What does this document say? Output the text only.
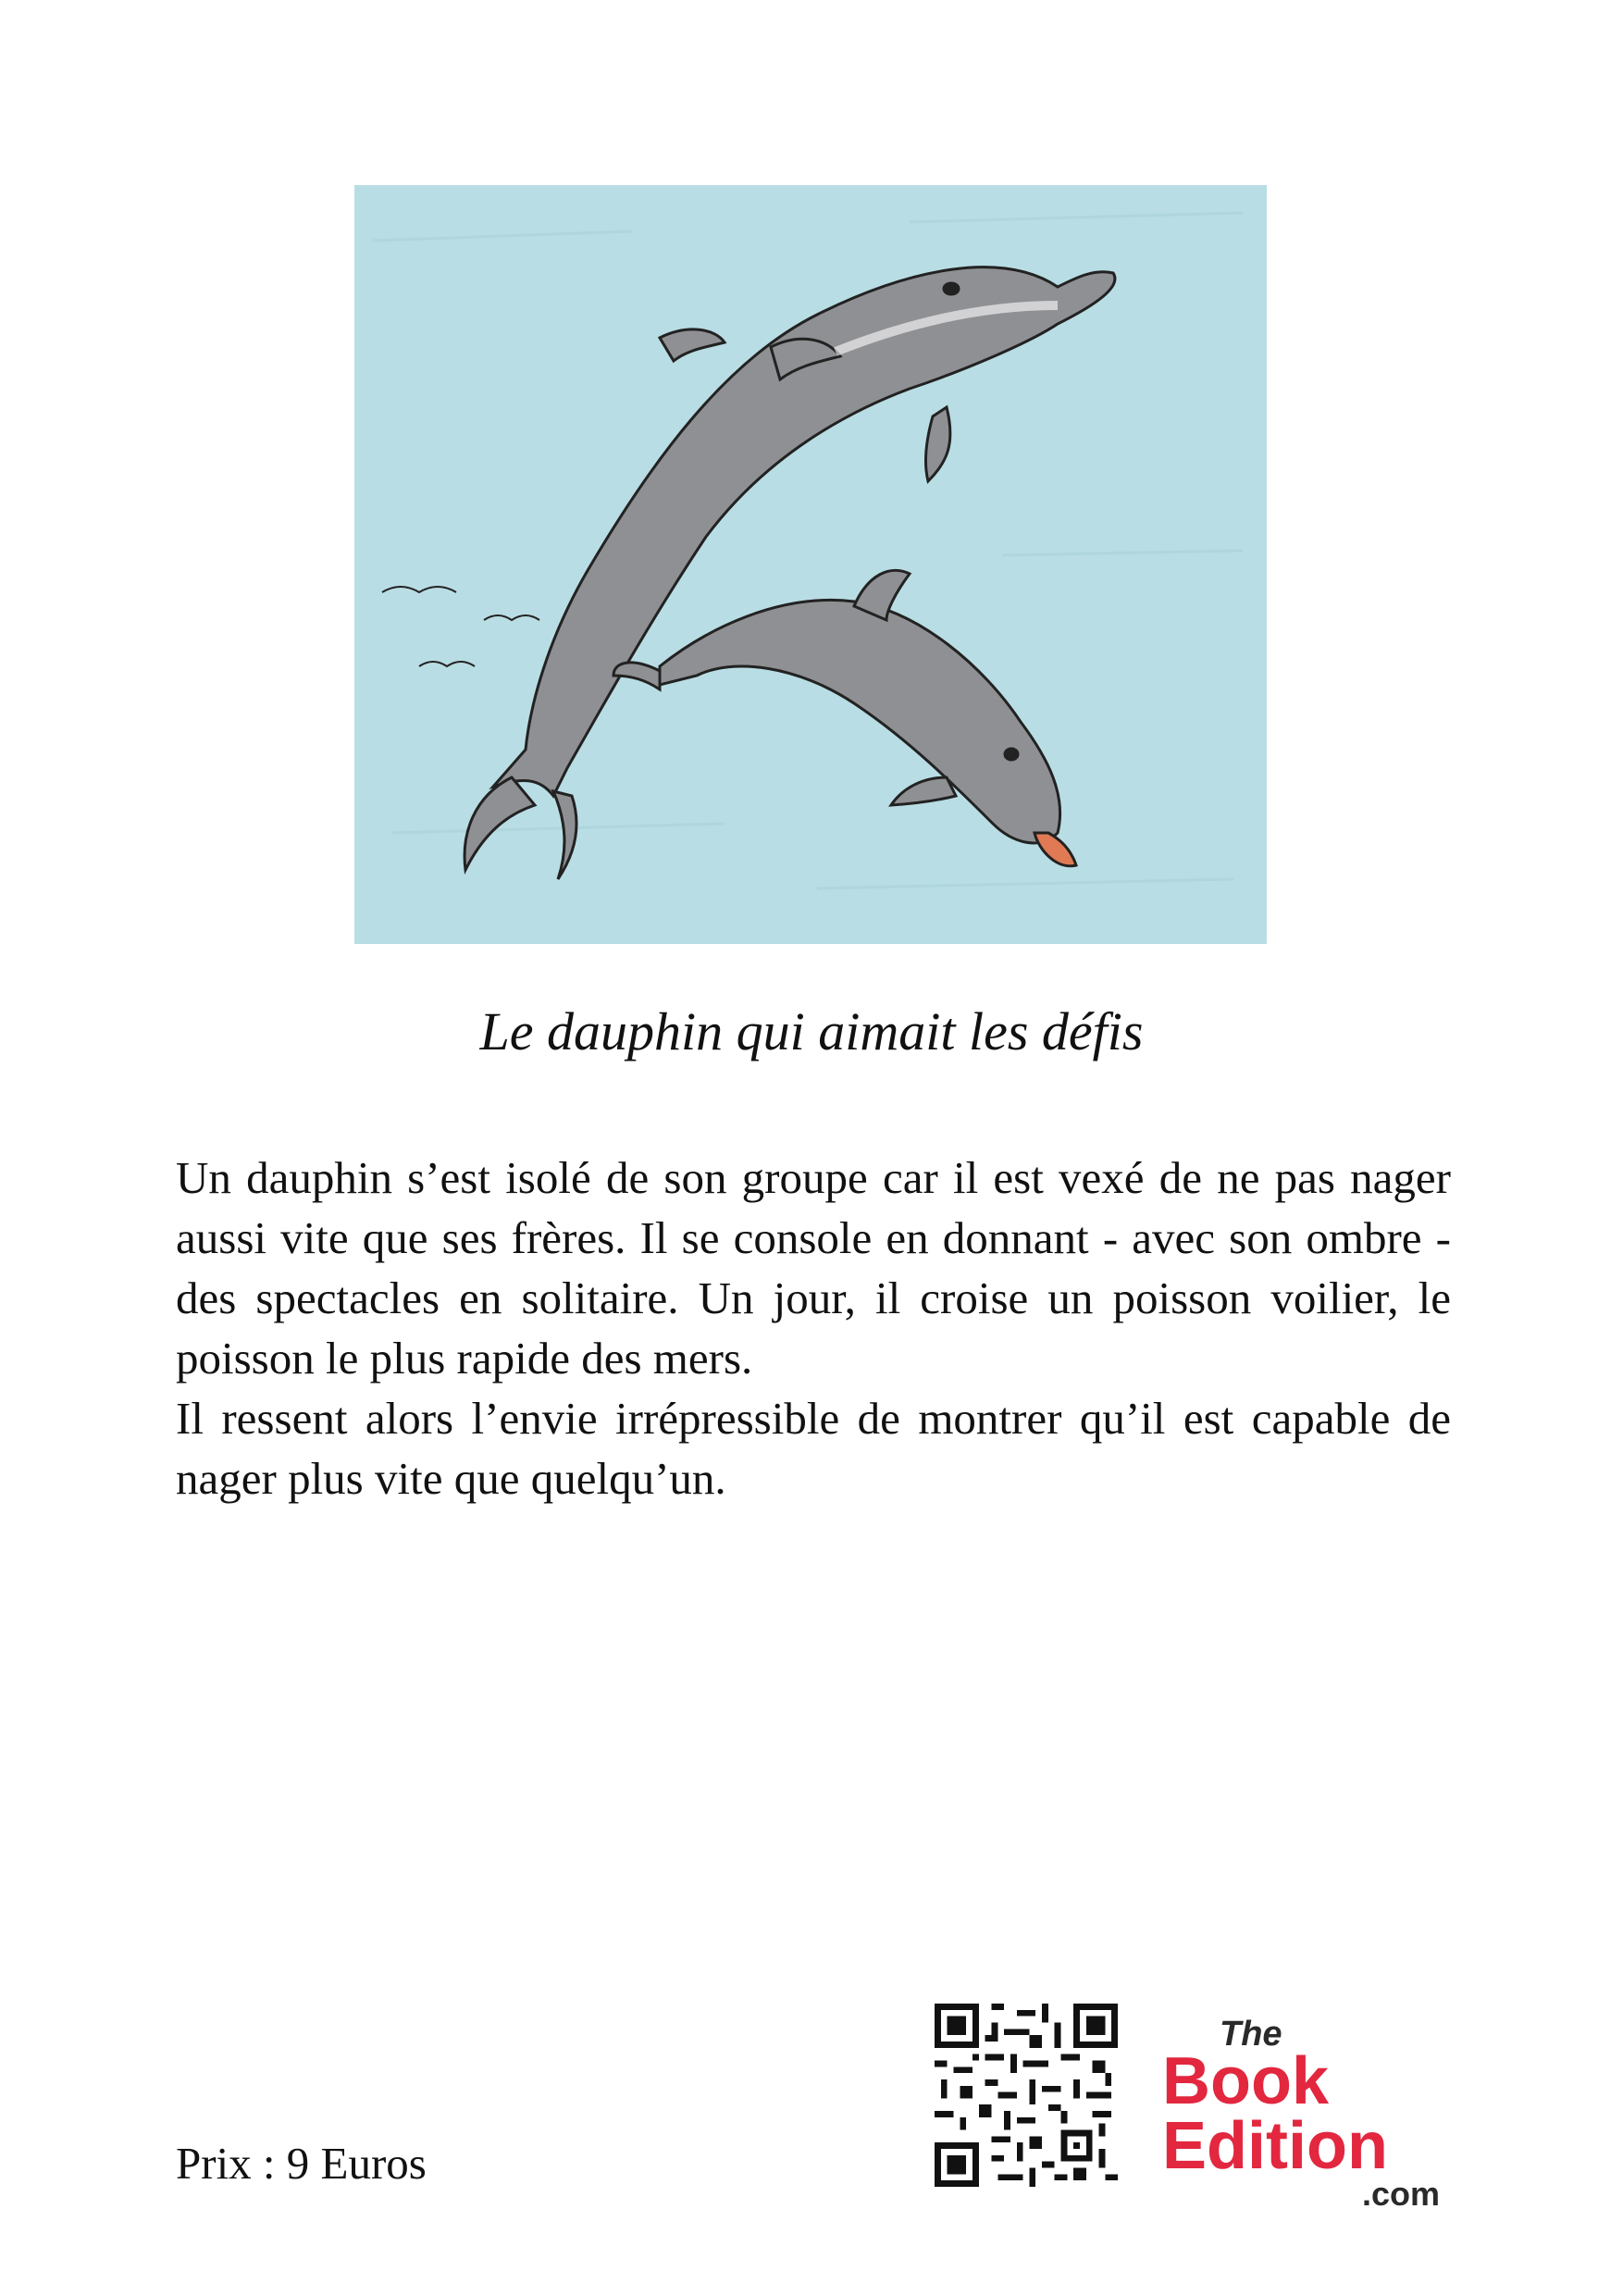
Le dauphin qui aimait les défis

Un dauphin s’est isolé de son groupe car il est vexé de ne pas nager aussi vite que ses frères. Il se console en donnant - avec son ombre - des spectacles en solitaire. Un jour, il croise un poisson voilier, le poisson le plus rapide des mers.

Il ressent alors l’envie irrépressible de montrer qu’il est capable de nager plus vite que quelqu’un.

Prix : 9 Euros
The
Book
Edition
.com
